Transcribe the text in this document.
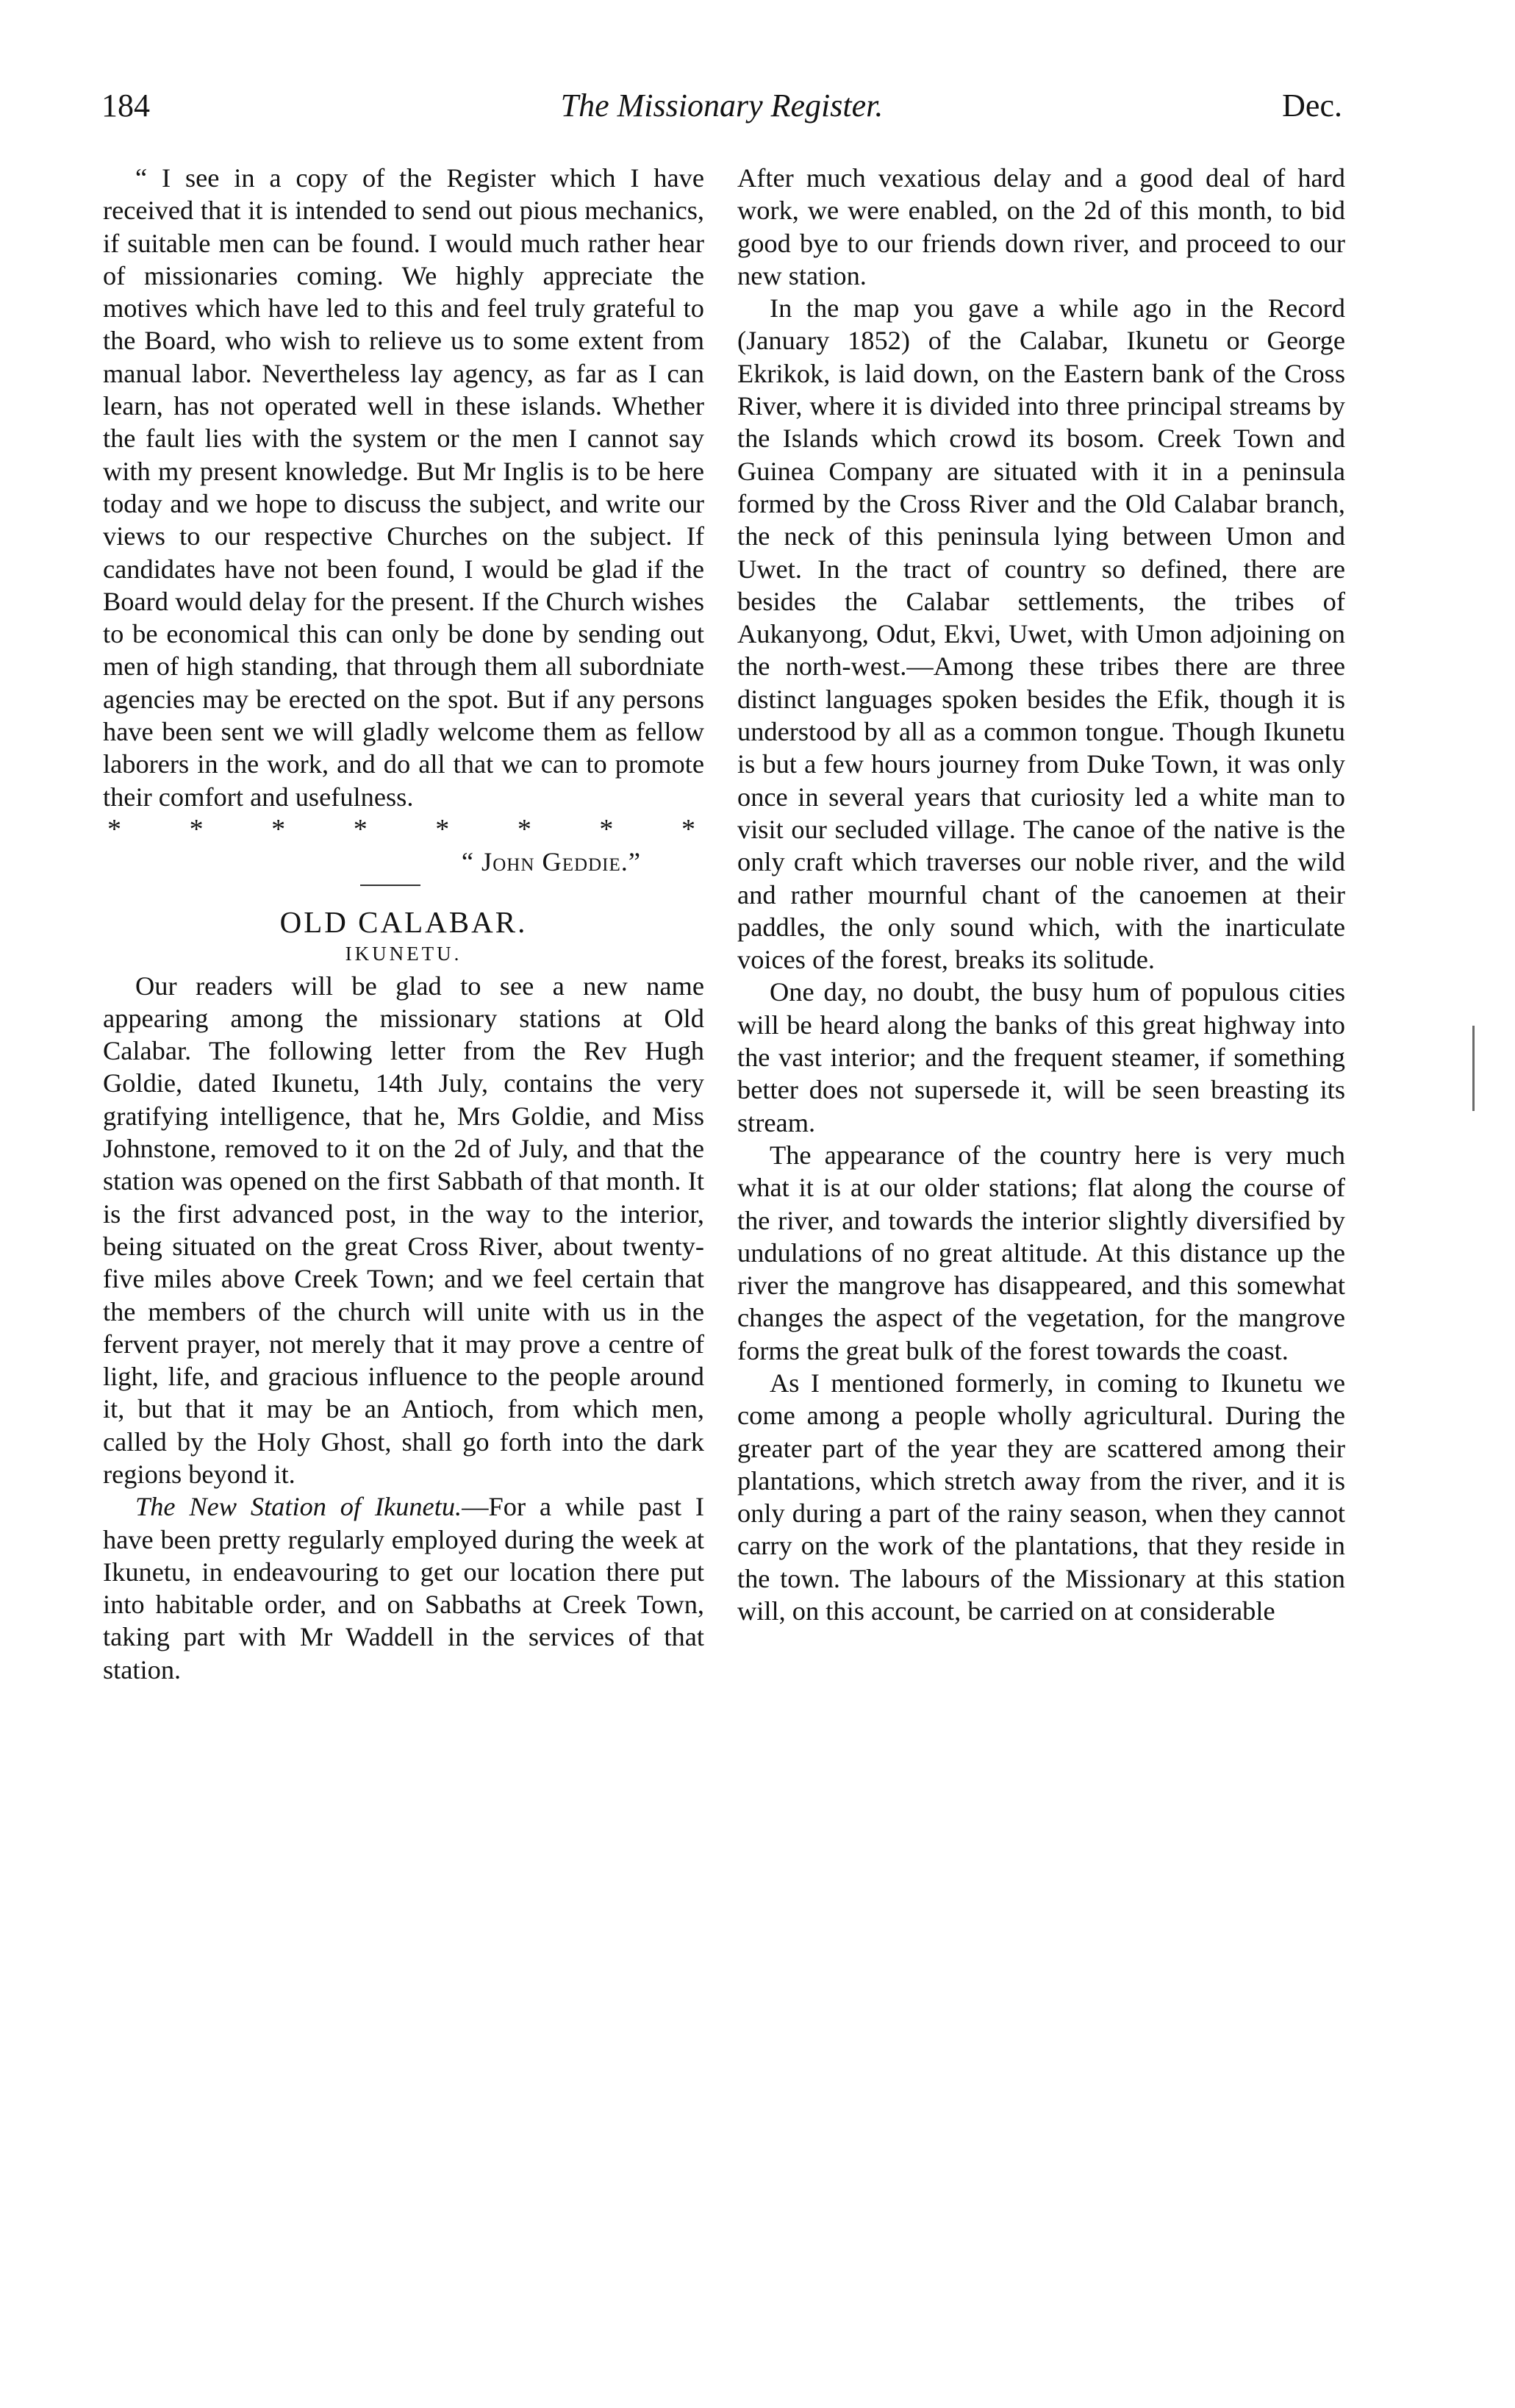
184	The Missionary Register.	Dec.

“ I see in a copy of the Register which I have received that it is intended to send out pious mechanics, if suitable men can be found. I would much rather hear of missionaries coming. We highly appreciate the motives which have led to this and feel truly grateful to the Board, who wish to relieve us to some extent from manual labor. Nevertheless lay agency, as far as I can learn, has not operated well in these islands. Whether the fault lies with the system or the men I cannot say with my present knowledge. But Mr Inglis is to be here today and we hope to discuss the subject, and write our views to our respective Churches on the subject. If candidates have not been found, I would be glad if the Board would delay for the present. If the Church wishes to be economical this can only be done by sending out men of high standing, that through them all subordniate agencies may be erected on the spot. But if any persons have been sent we will gladly welcome them as fellow laborers in the work, and do all that we can to promote their comfort and usefulness.

* * * * * * * *
“ John Geddie.”
OLD CALABAR.
IKUNETU.

Our readers will be glad to see a new name appearing among the missionary stations at Old Calabar. The following letter from the Rev Hugh Goldie, dated Ikunetu, 14th July, contains the very gratifying intelligence, that he, Mrs Goldie, and Miss Johnstone, removed to it on the 2d of July, and that the station was opened on the first Sabbath of that month. It is the first advanced post, in the way to the interior, being situated on the great Cross River, about twenty-five miles above Creek Town; and we feel certain that the members of the church will unite with us in the fervent prayer, not merely that it may prove a centre of light, life, and gracious influence to the people around it, but that it may be an Antioch, from which men, called by the Holy Ghost, shall go forth into the dark regions beyond it.

The New Station of Ikunetu.—For a while past I have been pretty regularly employed during the week at Ikunetu, in endeavouring to get our location there put into habitable order, and on Sabbaths at Creek Town, taking part with Mr Waddell in the services of that station.

After much vexatious delay and a good deal of hard work, we were enabled, on the 2d of this month, to bid good bye to our friends down river, and proceed to our new station.

In the map you gave a while ago in the Record (January 1852) of the Calabar, Ikunetu or George Ekrikok, is laid down, on the Eastern bank of the Cross River, where it is divided into three principal streams by the Islands which crowd its bosom. Creek Town and Guinea Company are situated with it in a peninsula formed by the Cross River and the Old Calabar branch, the neck of this peninsula lying between Umon and Uwet. In the tract of country so defined, there are besides the Calabar settlements, the tribes of Aukanyong, Odut, Ekvi, Uwet, with Umon adjoining on the north-west.—Among these tribes there are three distinct languages spoken besides the Efik, though it is understood by all as a common tongue. Though Ikunetu is but a few hours journey from Duke Town, it was only once in several years that curiosity led a white man to visit our secluded village. The canoe of the native is the only craft which traverses our noble river, and the wild and rather mournful chant of the canoemen at their paddles, the only sound which, with the inarticulate voices of the forest, breaks its solitude.

One day, no doubt, the busy hum of populous cities will be heard along the banks of this great highway into the vast interior; and the frequent steamer, if something better does not supersede it, will be seen breasting its stream.

The appearance of the country here is very much what it is at our older stations; flat along the course of the river, and towards the interior slightly diversified by undulations of no great altitude. At this distance up the river the mangrove has disappeared, and this somewhat changes the aspect of the vegetation, for the mangrove forms the great bulk of the forest towards the coast.

As I mentioned formerly, in coming to Ikunetu we come among a people wholly agricultural. During the greater part of the year they are scattered among their plantations, which stretch away from the river, and it is only during a part of the rainy season, when they cannot carry on the work of the plantations, that they reside in the town. The labours of the Missionary at this station will, on this account, be carried on at considerable
